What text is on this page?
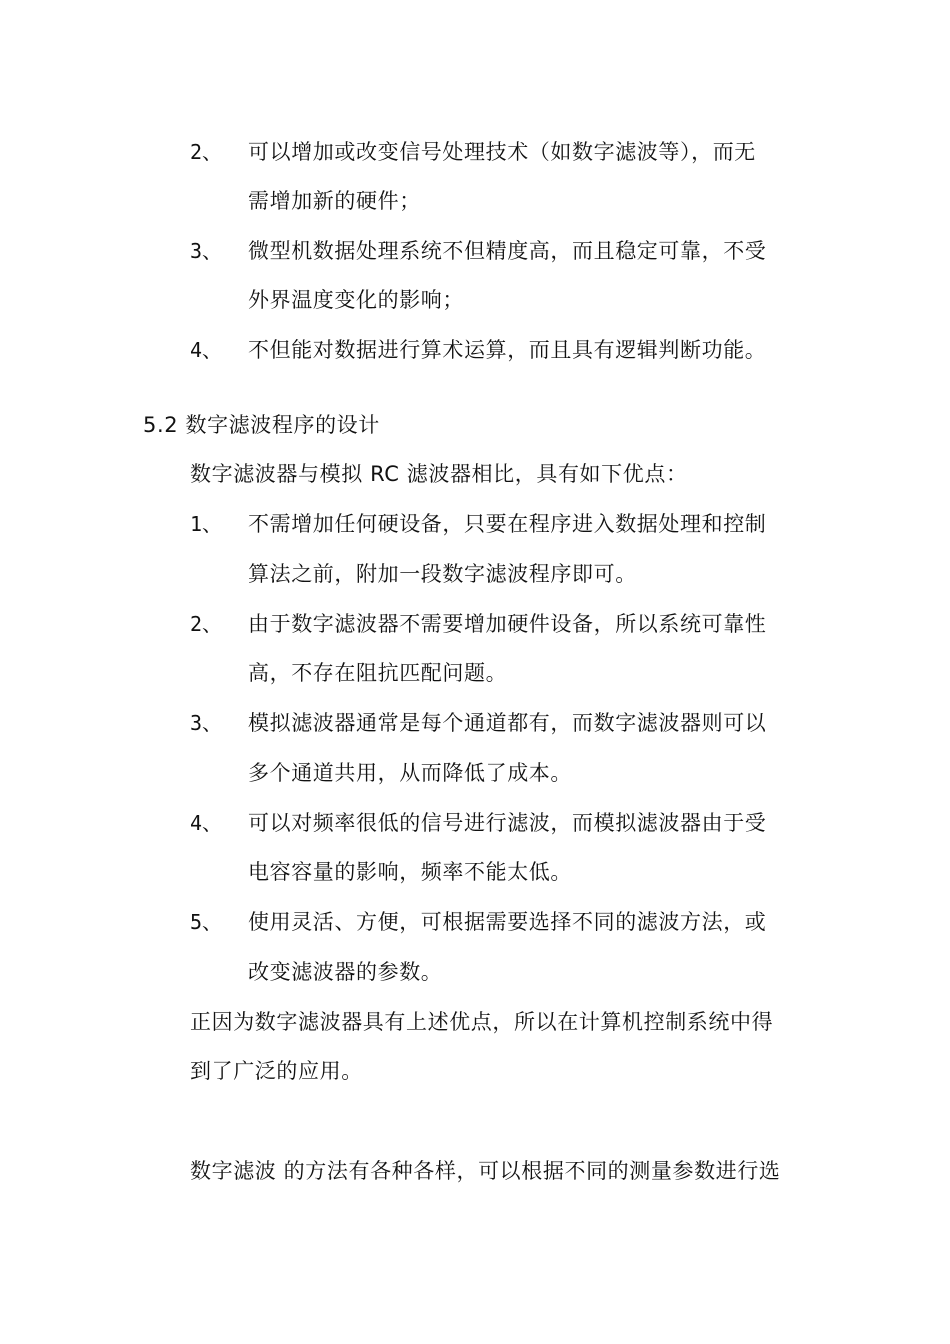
2、 可以增加或改变信号处理技术（如数字滤波等），而无
需增加新的硬件；
3、 微型机数据处理系统不但精度高，而且稳定可靠，不受
外界温度变化的影响；
4、 不但能对数据进行算术运算，而且具有逻辑判断功能。
5.2 数字滤波程序的设计
数字滤波器与模拟 RC 滤波器相比，具有如下优点：
1、 不需增加任何硬设备，只要在程序进入数据处理和控制
算法之前，附加一段数字滤波程序即可。
2、 由于数字滤波器不需要增加硬件设备，所以系统可靠性
高，不存在阻抗匹配问题。
3、 模拟滤波器通常是每个通道都有，而数字滤波器则可以
多个通道共用，从而降低了成本。
4、 可以对频率很低的信号进行滤波，而模拟滤波器由于受
电容容量的影响，频率不能太低。
5、 使用灵活、方便，可根据需要选择不同的滤波方法，或
改变滤波器的参数。
正因为数字滤波器具有上述优点，所以在计算机控制系统中得
到了广泛的应用。
数字滤波 的方法有各种各样，可以根据不同的测量参数进行选
